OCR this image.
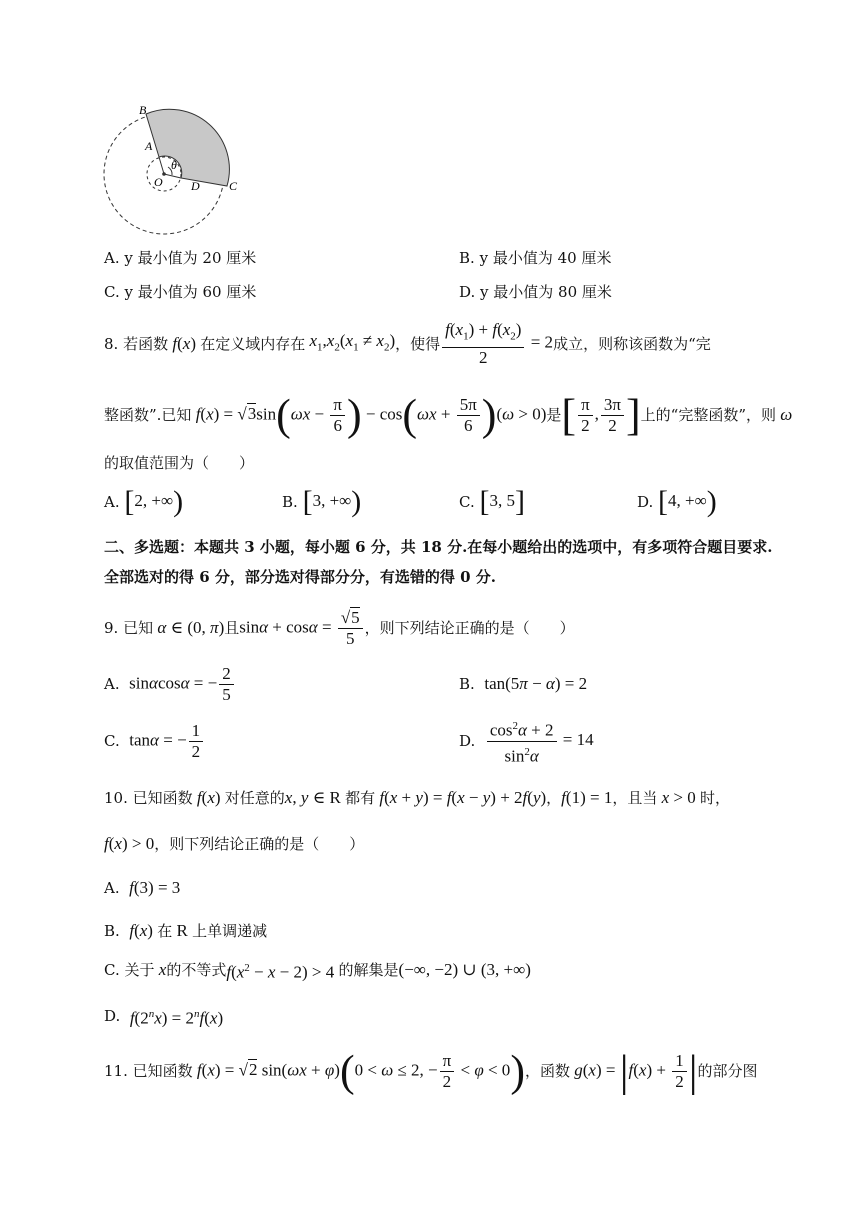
B
A
O
θ
D C
A. y 最小值为 20 厘米	B. y 最小值为 40 厘米
C. y 最小值为 60 厘米	D. y 最小值为 80 厘米
8.
若函数 f(x) 在定义域内存在 $x_1,x_2(x_1 \ne x_2)$ ，使得 $\frac{f(x_1) + f(x_2)}{2} = 2$ 成立，则称该函数为“完
整函数”.已知 $f(x) = √3\sin(\omega x - \frac{\pi}{6}$ ) − $\cos(\omega x + \frac{5\pi}{6} )(\omega > 0)$ 是 [ $\frac{\pi}{2}$ , $\frac{3\pi}{2}$ ] 上的“完整函数”，则 ω
的取值范围为（　　）
A.
[2, +∞)	B.
[3, +∞)	C.
[3, 5]	D.
[4, +∞)
二、多选题：本题共 3 小题，每小题 6 分，共 18 分.在每小题给出的选项中，有多项符合题目要求.
全部选对的得 6 分，部分选对得部分分，有选错的得 0 分.
9.
已知 α ∈ (0, π) 且 $\sin\alpha + \cos\alpha = \frac{√5}{5}$ ，则下列结论正确的是（　　）
A.
sinαcosα = − $\frac{2}{5}$	B.
tan(5π − α) = 2
C.
tanα = − $\frac{1}{2}$	D.
$\frac{\cos^2\alpha + 2}{\sin^2\alpha} = 14$
10.
已知函数 f(x) 对任意的 x, y ∈ R 都有 f(x + y) = f(x − y) + 2f(y) ， f(1) = 1 ，且当 x > 0 时，
f(x) > 0 ，则下列结论正确的是（　　）
A.
f(3) = 3
B.
f(x) 在 R 上单调递减
C.
关于 x 的不等式 $f(x^2 - x - 2) > 4$ 的解集是 (−∞, −2) ∪ (3, +∞)
D.
$f(2^nx) = 2^nf(x)$
11.
已知函数 f(x) = √2 sin(ωx + φ)(0 < ω ≤ 2, − $\frac{\pi}{2} < \varphi < 0$) ，函数 $g(x) = |f(x) + \frac{1}{2}$ | 的部分图
